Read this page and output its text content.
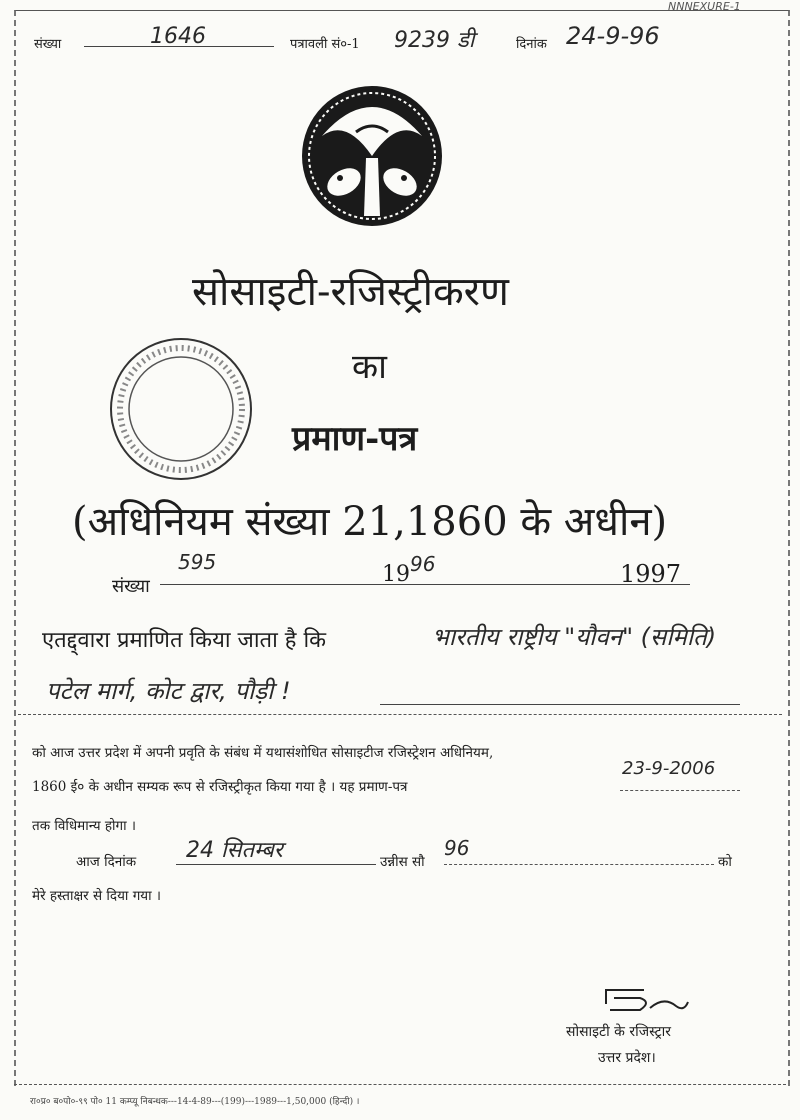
NNNEXURE-1
संख्या	1646	पत्रावली सं०-1 9239 डी	दिनांक 24-9-96
सोसाइटी-रजिस्ट्रीकरण
का
प्रमाण-पत्र
(अधिनियम संख्या 21,1860 के अधीन)
संख्या
595	19 96	1997
एतद्द्वारा प्रमाणित किया जाता है कि	भारतीय राष्ट्रीय "यौवन" (समिति)
पटेल मार्ग, कोट द्वार, पौड़ी !
को आज उत्तर प्रदेश में अपनी प्रवृति के संबंध में यथासंशोधित सोसाइटीज रजिस्ट्रेशन अधिनियम,
23-9-2006
1860 ई० के अधीन सम्यक रूप से रजिस्ट्रीकृत किया गया है । यह प्रमाण-पत्र
तक विधिमान्य होगा ।
आज दिनांक 24 सितम्बर	उन्नीस सौ
96
को
मेरे हस्ताक्षर से दिया गया ।
सोसाइटी के रजिस्ट्रार
उत्तर प्रदेश।
रा०प्र० ब०पो०-९९ पो० 11 कम्प्यू निबन्धक---14-4-89---(199)---1989---1,50,000 (हिन्दी) ।
